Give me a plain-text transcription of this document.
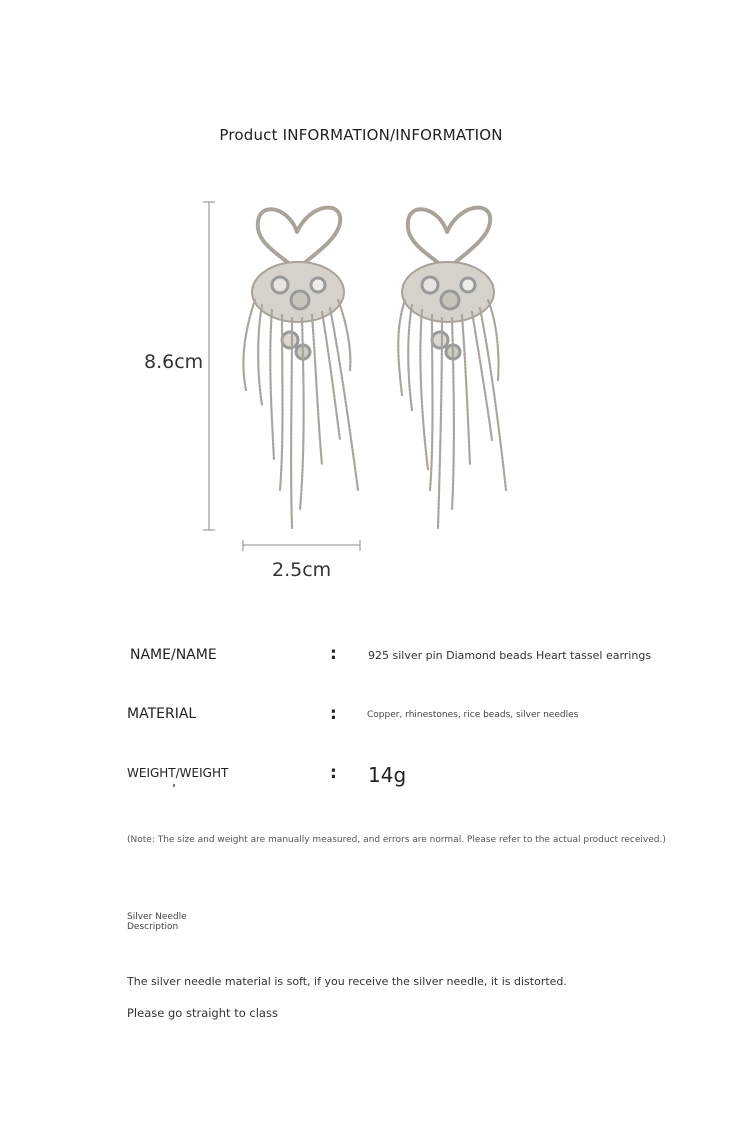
Product INFORMATION/INFORMATION
8.6cm
2.5cm
NAME/NAME	:	925 silver pin Diamond beads Heart tassel earrings
MATERIAL	:	Copper, rhinestones, rice beads, silver needles
WEIGHT/WEIGHT	: 14g
(Note: The size and weight are manually measured, and errors are normal. Please refer to the actual product received.)
Silver Needle
Description
The silver needle material is soft, if you receive the silver needle, it is distorted.
Please go straight to class
